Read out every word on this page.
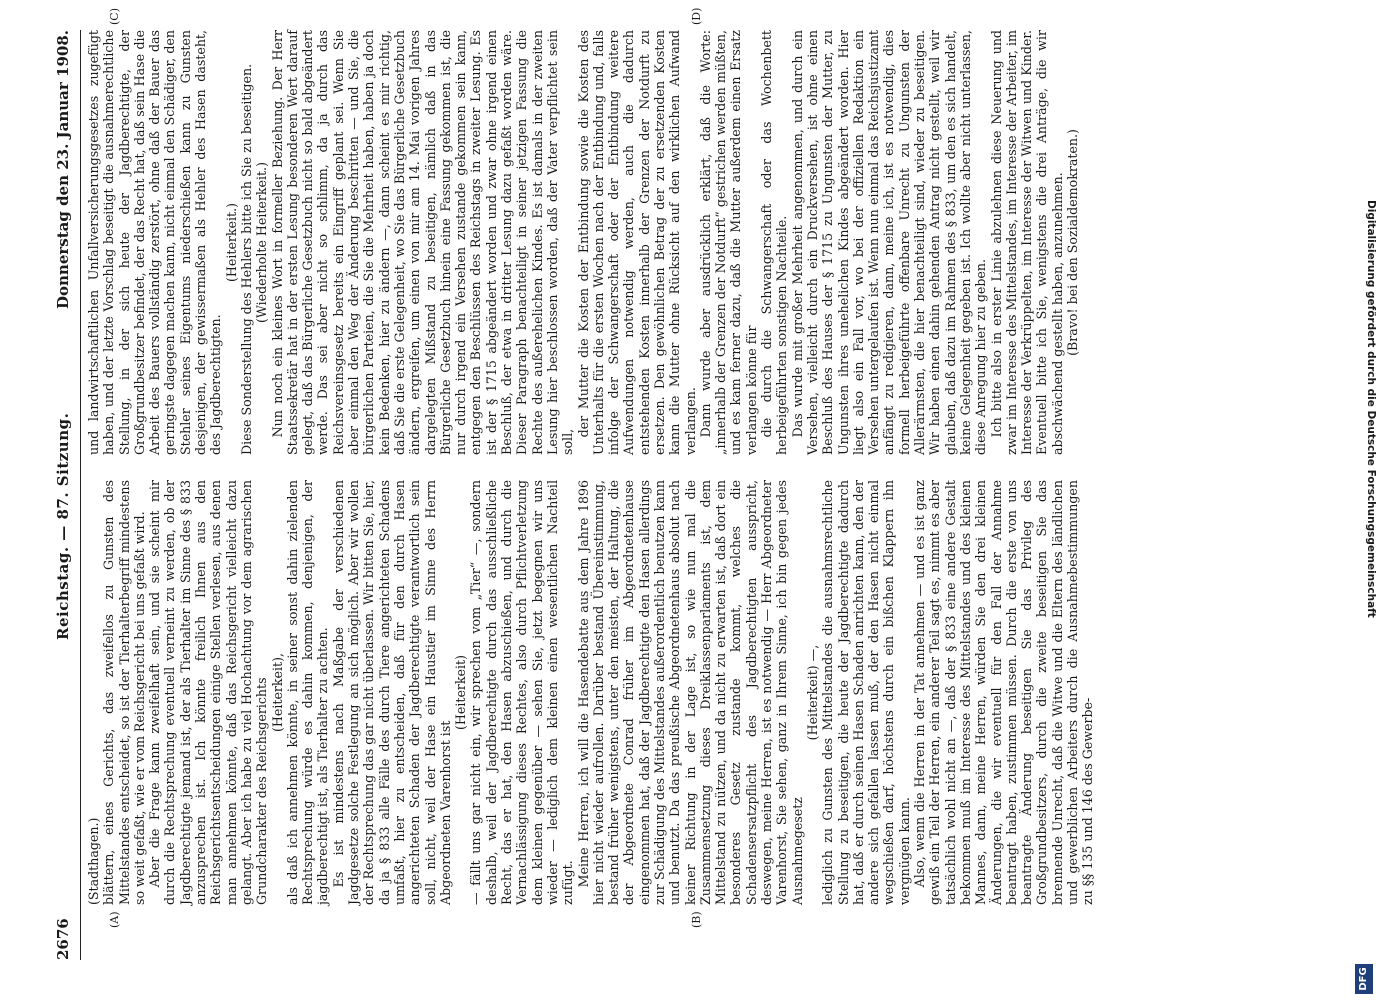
2676
Reichstag. — 87. Sitzung.
Donnerstag den 23. Januar 1908.
(A)	(B)
(C)	(D)

(Stadthagen.) blättern, eines Gerichts, das zweifellos zu Gunsten des Mittelstandes entscheidet, so ist der Tierhalterbegriff mindestens so weit gefaßt, wie er vom Reichsgericht bei uns gefaßt wird. Aber die Frage kann zweifelhaft sein, und sie scheint mir durch die Rechtsprechung eventuell verneint zu werden, ob der Jagdberechtigte jemand ist, der als Tierhalter im Sinne des § 833 anzusprechen ist. Ich könnte freilich Ihnen aus den Reichsgerichtsentscheidungen einige Stellen verlesen, aus denen man annehmen könnte, daß das Reichsgericht vielleicht dazu gelangt. Aber ich habe zu viel Hochachtung vor dem agrarischen Grundcharakter des Reichsgerichts (Heiterkeit), als daß ich annehmen könnte, in seiner sonst dahin zielenden Rechtsprechung würde es dahin kommen, denjenigen, der jagdberechtigt ist, als Tierhalter zu achten. Es ist mindestens nach Maßgabe der verschiedenen Jagdgesetze solche Festlegung an sich möglich. Aber wir wollen der Rechtsprechung das gar nicht überlassen. Wir bitten Sie, hier, da ja § 833 alle Fälle des durch Tiere angerichteten Schadens umfaßt, hier zu entscheiden, daß für den durch Hasen angerichteten Schaden der Jagdberechtigte verantwortlich sein soll, nicht, weil der Hase ein Haustier im Sinne des Herrn Abgeordneten Varenhorst ist

(Heiterkeit) — fällt uns gar nicht ein, wir sprechen vom „Tier“ —, sondern deshalb, weil der Jagdberechtigte durch das ausschließliche Recht, das er hat, den Hasen abzuschießen, und durch die Vernachlässigung dieses Rechtes, also durch Pflichtverletzung dem kleinen gegenüber — sehen Sie, jetzt begegnen wir uns wieder — lediglich dem kleinen einen wesentlichen Nachteil zufügt. Meine Herren, ich will die Hasendebatte aus dem Jahre 1896 hier nicht wieder aufrollen. Darüber bestand Übereinstimmung, bestand früher wenigstens, unter den meisten, der Haltung, die der Abgeordnete Conrad früher im Abgeordnetenhause eingenommen hat, daß der Jagdberechtigte den Hasen allerdings zur Schädigung des Mittelstandes außerordentlich benutzen kann und benutzt. Da das preußische Abgeordnetenhaus absolut nach keiner Richtung in der Lage ist, so wie nun mal die Zusammensetzung dieses Dreiklassenparlaments ist, dem Mittelstand zu nützen, und da nicht zu erwarten ist, daß dort ein besonderes Gesetz zustande kommt, welches die Schadensersatzpflicht des Jagdberechtigten ausspricht, deswegen, meine Herren, ist es notwendig — Herr Abgeordneter Varenhorst, Sie sehen, ganz in Ihrem Sinne, ich bin gegen jedes Ausnahmegesetz

(Heiterkeit) —, lediglich zu Gunsten des Mittelstandes die ausnahmsrechtliche Stellung zu beseitigen, die heute der Jagdberechtigte dadurch hat, daß er durch seinen Hasen Schaden anrichten kann, den der andere sich gefallen lassen muß, der den Hasen nicht einmal wegschießen darf, höchstens durch ein bißchen Klappern ihn vergnügen kann. Also, wenn die Herren in der Tat annehmen — und es ist ganz gewiß ein Teil der Herren, ein anderer Teil sagt es, nimmt es aber tatsächlich wohl nicht an —, daß der § 833 eine andere Gestalt bekommen muß im Interesse des Mittelstandes und des kleinen Mannes, dann, meine Herren, würden Sie den drei kleinen Änderungen, die wir eventuell für den Fall der Annahme beantragt haben, zustimmen müssen. Durch die erste von uns beantragte Änderung beseitigen Sie das Privileg des Großgrundbesitzers, durch die zweite beseitigen Sie das brennende Unrecht, daß die Witwe und die Eltern des ländlichen und gewerblichen Arbeiters durch die Ausnahmebestimmungen zu §§ 135 und 146 des Gewerbe-

und landwirtschaftlichen Unfallversicherungsgesetzes zugefügt haben, und der letzte Vorschlag beseitigt die ausnahmerechtliche Stellung, in der sich heute der Jagdberechtigte, der Großgrundbesitzer befindet, der das Recht hat, daß sein Hase die Arbeit des Bauers vollständig zerstört, ohne daß der Bauer das geringste dagegen machen kann, nicht einmal den Schädiger, den Stehler seines Eigentums niederschießen kann zu Gunsten desjenigen, der gewissermaßen als Hehler des Hasen dasteht, des Jagdberechtigten.

(Heiterkeit.) Diese Sonderstellung des Hehlers bitte ich Sie zu beseitigen. (Wiederholte Heiterkeit.) Nun noch ein kleines Wort in formeller Beziehung. Der Herr Staatssekretär hat in der ersten Lesung besonderen Wert darauf gelegt, daß das Bürgerliche Gesetzbuch nicht so bald abgeändert werde. Das sei aber nicht so schlimm, da ja durch das Reichsvereinsgesetz bereits ein Eingriff geplant sei. Wenn Sie aber einmal den Weg der Änderung beschritten — und Sie, die bürgerlichen Parteien, die Sie die Mehrheit haben, haben ja doch kein Bedenken, hier zu ändern —, dann scheint es mir richtig, daß Sie die erste Gelegenheit, wo Sie das Bürgerliche Gesetzbuch ändern, ergreifen, um einen von mir am 14. Mai vorigen Jahres dargelegten Mißstand zu beseitigen, nämlich daß in das Bürgerliche Gesetzbuch hinein eine Fassung gekommen ist, die nur durch irgend ein Versehen zustande gekommen sein kann, entgegen den Beschlüssen des Reichstags in zweiter Lesung. Es ist der § 1715 abgeändert worden und zwar ohne irgend einen Beschluß, der etwa in dritter Lesung dazu gefaßt worden wäre. Dieser Paragraph benachteiligt in seiner jetzigen Fassung die Rechte des außerehelichen Kindes. Es ist damals in der zweiten Lesung hier beschlossen worden, daß der Vater verpflichtet sein soll,

der Mutter die Kosten der Entbindung sowie die Kosten des Unterhalts für die ersten Wochen nach der Entbindung und, falls infolge der Schwangerschaft oder der Entbindung weitere Aufwendungen notwendig werden, auch die dadurch entstehenden Kosten innerhalb der Grenzen der Notdurft zu ersetzen. Den gewöhnlichen Betrag der zu ersetzenden Kosten kann die Mutter ohne Rücksicht auf den wirklichen Aufwand verlangen. Dann wurde aber ausdrücklich erklärt, daß die Worte: „innerhalb der Grenzen der Notdurft“ gestrichen werden müßten, und es kam ferner dazu, daß die Mutter außerdem einen Ersatz verlangen könne für die durch die Schwangerschaft oder das Wochenbett herbeigeführten sonstigen Nachteile. Das wurde mit großer Mehrheit angenommen, und durch ein Versehen, vielleicht durch ein Druckversehen, ist ohne einen Beschluß des Hauses der § 1715 zu Ungunsten der Mutter, zu Ungunsten ihres unehelichen Kindes abgeändert worden. Hier liegt also ein Fall vor, wo bei der offiziellen Redaktion ein Versehen untergelaufen ist. Wenn nun einmal das Reichsjustizamt anfängt zu redigieren, dann, meine ich, ist es notwendig, dies formell herbeigeführte offenbare Unrecht zu Ungunsten der Allerärmsten, die hier benachteiligt sind, wieder zu beseitigen. Wir haben einen dahin gehenden Antrag nicht gestellt, weil wir glauben, daß dazu im Rahmen des § 833, um den es sich handelt, keine Gelegenheit gegeben ist. Ich wollte aber nicht unterlassen, diese Anregung hier zu geben. Ich bitte also in erster Linie abzulehnen diese Neuerung und zwar im Interesse des Mittelstandes, im Interesse der Arbeiter, im Interesse der Verkrüppelten, im Interesse der Witwen und Kinder. Eventuell bitte ich Sie, wenigstens die drei Anträge, die wir abschwächend gestellt haben, anzunehmen. (Bravo! bei den Sozialdemokraten.)

DFG
Digitalisierung gefördert durch die Deutsche Forschungsgemeinschaft
